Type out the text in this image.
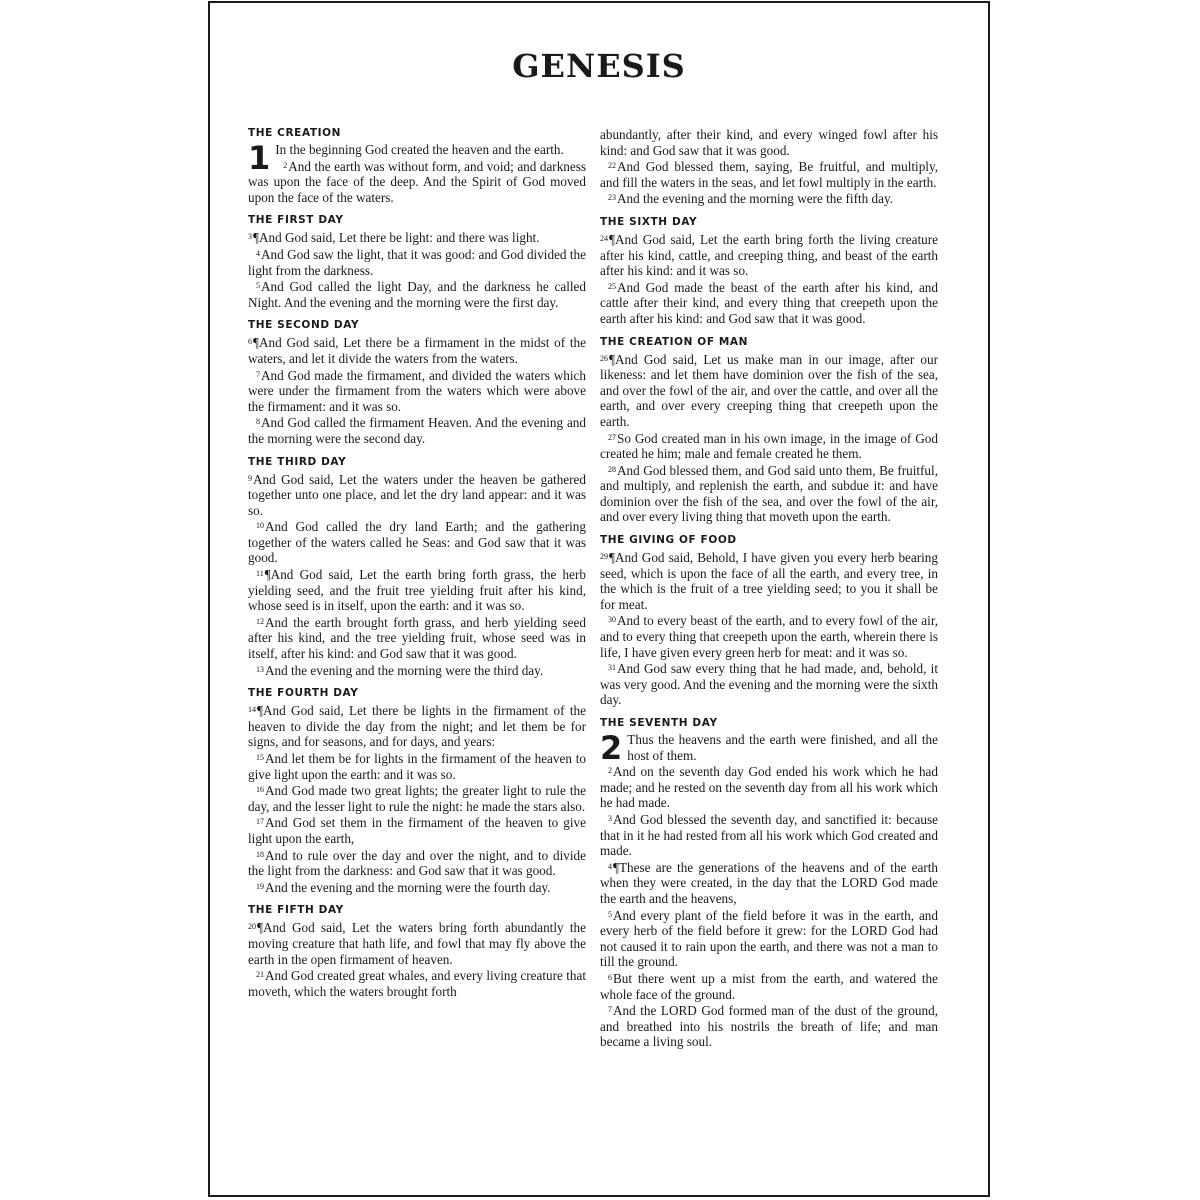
GENESIS
THE CREATION

1 In the beginning God created the heaven and the earth.

$^2$And the earth was without form, and void; and darkness was upon the face of the deep. And the Spirit of God moved upon the face of the waters.

THE FIRST DAY

$^3$¶And God said, Let there be light: and there was light.

$^4$And God saw the light, that it was good: and God divided the light from the darkness.

$^5$And God called the light Day, and the darkness he called Night. And the evening and the morning were the first day.

THE SECOND DAY

$^6$¶And God said, Let there be a firmament in the midst of the waters, and let it divide the waters from the waters.

$^7$And God made the firmament, and divided the waters which were under the firmament from the waters which were above the firmament: and it was so.

$^8$And God called the firmament Heaven. And the evening and the morning were the second day.

THE THIRD DAY

$^9$And God said, Let the waters under the heaven be gathered together unto one place, and let the dry land appear: and it was so.

$^{10}$And God called the dry land Earth; and the gathering together of the waters called he Seas: and God saw that it was good.

$^{11}$¶And God said, Let the earth bring forth grass, the herb yielding seed, and the fruit tree yielding fruit after his kind, whose seed is in itself, upon the earth: and it was so.

$^{12}$And the earth brought forth grass, and herb yielding seed after his kind, and the tree yielding fruit, whose seed was in itself, after his kind: and God saw that it was good.

$^{13}$And the evening and the morning were the third day.

THE FOURTH DAY

$^{14}$¶And God said, Let there be lights in the firmament of the heaven to divide the day from the night; and let them be for signs, and for seasons, and for days, and years:

$^{15}$And let them be for lights in the firmament of the heaven to give light upon the earth: and it was so.

$^{16}$And God made two great lights; the greater light to rule the day, and the lesser light to rule the night: he made the stars also.

$^{17}$And God set them in the firmament of the heaven to give light upon the earth,

$^{18}$And to rule over the day and over the night, and to divide the light from the darkness: and God saw that it was good.

$^{19}$And the evening and the morning were the fourth day.

THE FIFTH DAY

$^{20}$¶And God said, Let the waters bring forth abundantly the moving creature that hath life, and fowl that may fly above the earth in the open firmament of heaven.

$^{21}$And God created great whales, and every living creature that moveth, which the waters brought forth

abundantly, after their kind, and every winged fowl after his kind: and God saw that it was good.

$^{22}$And God blessed them, saying, Be fruitful, and multiply, and fill the waters in the seas, and let fowl multiply in the earth.

$^{23}$And the evening and the morning were the fifth day.

THE SIXTH DAY

$^{24}$¶And God said, Let the earth bring forth the living creature after his kind, cattle, and creeping thing, and beast of the earth after his kind: and it was so.

$^{25}$And God made the beast of the earth after his kind, and cattle after their kind, and every thing that creepeth upon the earth after his kind: and God saw that it was good.

THE CREATION OF MAN

$^{26}$¶And God said, Let us make man in our image, after our likeness: and let them have dominion over the fish of the sea, and over the fowl of the air, and over the cattle, and over all the earth, and over every creeping thing that creepeth upon the earth.

$^{27}$So God created man in his own image, in the image of God created he him; male and female created he them.

$^{28}$And God blessed them, and God said unto them, Be fruitful, and multiply, and replenish the earth, and subdue it: and have dominion over the fish of the sea, and over the fowl of the air, and over every living thing that moveth upon the earth.

THE GIVING OF FOOD

$^{29}$¶And God said, Behold, I have given you every herb bearing seed, which is upon the face of all the earth, and every tree, in the which is the fruit of a tree yielding seed; to you it shall be for meat.

$^{30}$And to every beast of the earth, and to every fowl of the air, and to every thing that creepeth upon the earth, wherein there is life, I have given every green herb for meat: and it was so.

$^{31}$And God saw every thing that he had made, and, behold, it was very good. And the evening and the morning were the sixth day.

THE SEVENTH DAY

2 Thus the heavens and the earth were finished, and all the host of them.

$^2$And on the seventh day God ended his work which he had made; and he rested on the seventh day from all his work which he had made.

$^3$And God blessed the seventh day, and sanctified it: because that in it he had rested from all his work which God created and made.

$^4$¶These are the generations of the heavens and of the earth when they were created, in the day that the LORD God made the earth and the heavens,

$^5$And every plant of the field before it was in the earth, and every herb of the field before it grew: for the LORD God had not caused it to rain upon the earth, and there was not a man to till the ground.

$^6$But there went up a mist from the earth, and watered the whole face of the ground.

$^7$And the LORD God formed man of the dust of the ground, and breathed into his nostrils the breath of life; and man became a living soul.
